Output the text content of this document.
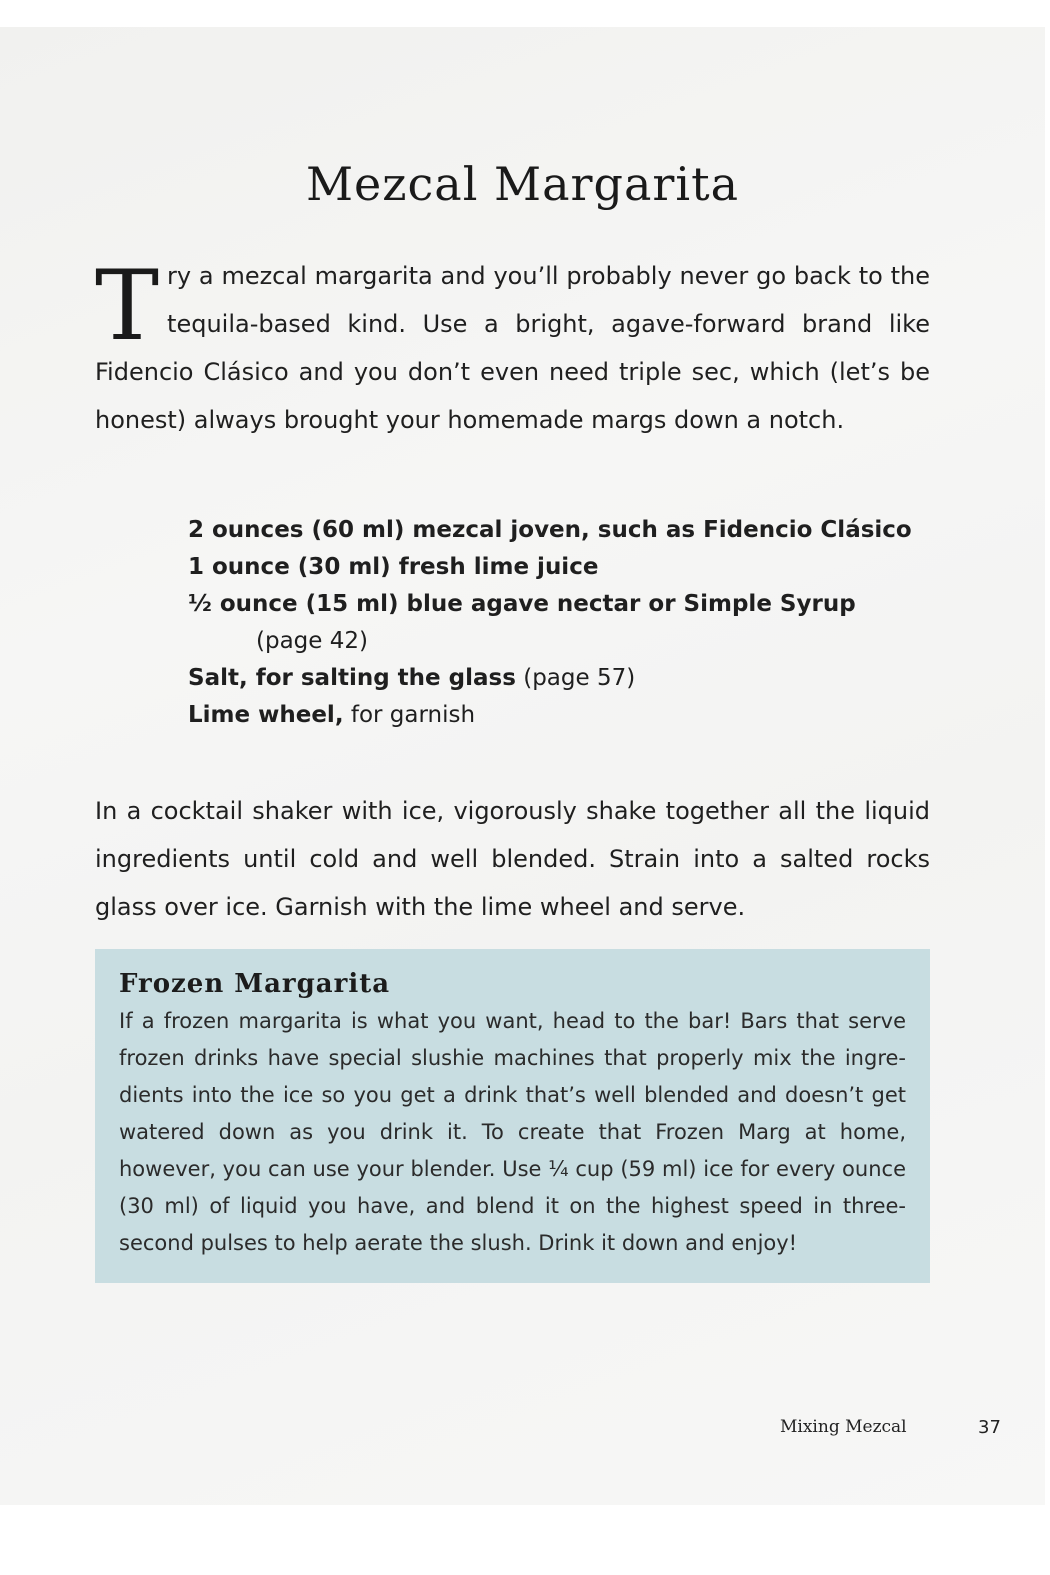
Mezcal Margarita

T ry a mezcal margarita and you’ll probably never go back to the tequila-based kind. Use a bright, agave-forward brand like Fidencio Clásico and you don’t even need triple sec, which (let’s be honest) always brought your homemade margs down a notch.

2 ounces (60 ml) mezcal joven, such as Fidencio Clásico
1 ounce (30 ml) fresh lime juice
½ ounce (15 ml) blue agave nectar or Simple Syrup
(page 42)
Salt, for salting the glass (page 57)
Lime wheel, for garnish

In a cocktail shaker with ice, vigorously shake together all the liquid ingredients until cold and well blended. Strain into a salted rocks glass over ice. Garnish with the lime wheel and serve.

Frozen Margarita

If a frozen margarita is what you want, head to the bar! Bars that serve frozen drinks have special slushie machines that properly mix the ingre-dients into the ice so you get a drink that’s well blended and doesn’t get watered down as you drink it. To create that Frozen Marg at home, however, you can use your blender. Use ¼ cup (59 ml) ice for every ounce (30 ml) of liquid you have, and blend it on the highest speed in three-second pulses to help aerate the slush. Drink it down and enjoy!

Mixing Mezcal	37
